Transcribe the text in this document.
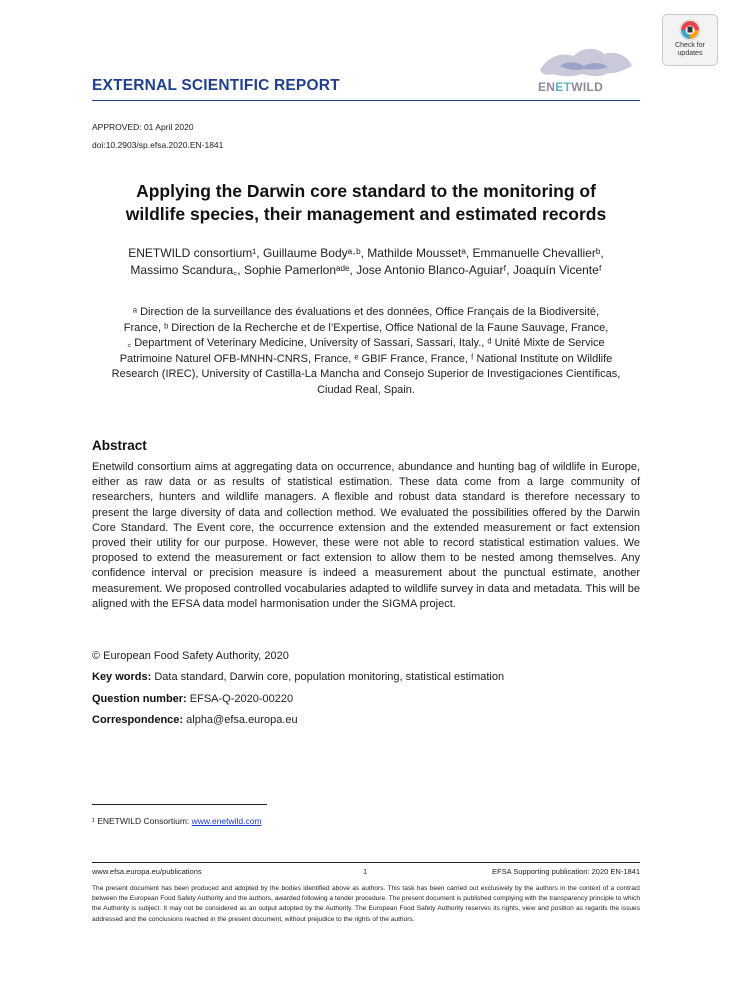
EXTERNAL SCIENTIFIC REPORT	ENETWILD
Check for
updates
APPROVED: 01 April 2020
doi:10.2903/sp.efsa.2020.EN-1841
Applying the Darwin core standard to the monitoring of
wildlife species, their management and estimated records
ENETWILD consortium¹, Guillaume Bodyᵃ·ᵇ, Mathilde Moussetᵃ, Emmanuelle Chevallierᵇ,
Massimo Scandura꜀, Sophie Pamerlonᵃᵈᵉ, Jose Antonio Blanco-Aguiarᶠ, Joaquín Vicenteᶠ
ᵃ Direction de la surveillance des évaluations et des données, Office Français de la Biodiversité,
France, ᵇ Direction de la Recherche et de l’Expertise, Office National de la Faune Sauvage, France,
꜀ Department of Veterinary Medicine, University of Sassari, Sassari, Italy., ᵈ Unité Mixte de Service
Patrimoine Naturel OFB-MNHN-CNRS, France, ᵉ GBIF France, France, ᶠ National Institute on Wildlife
Research (IREC), University of Castilla-La Mancha and Consejo Superior de Investigaciones Científicas,
Ciudad Real, Spain.
Abstract
Enetwild consortium aims at aggregating data on occurrence, abundance and hunting bag of wildlife in Europe, either as raw data or as results of statistical estimation. These data come from a large community of researchers, hunters and wildlife managers. A flexible and robust data standard is therefore necessary to present the large diversity of data and collection method. We evaluated the possibilities offered by the Darwin Core Standard. The Event core, the occurrence extension and the extended measurement or fact extension proved their utility for our purpose. However, these were not able to record statistical estimation values. We proposed to extend the measurement or fact extension to allow them to be nested among themselves. Any confidence interval or precision measure is indeed a measurement about the punctual estimate, another measurement. We proposed controlled vocabularies adapted to wildlife survey in data and metadata. This will be aligned with the EFSA data model harmonisation under the SIGMA project.
© European Food Safety Authority, 2020
Key words: Data standard, Darwin core, population monitoring, statistical estimation
Question number: EFSA-Q-2020-00220
Correspondence: alpha@efsa.europa.eu
¹ ENETWILD Consortium: www.enetwild.com
www.efsa.europa.eu/publications	1	EFSA Supporting publication: 2020 EN-1841
The present document has been produced and adopted by the bodies identified above as authors. This task has been carried out exclusively by the authors in the context of a contract between the European Food Safety Authority and the authors, awarded following a tender procedure. The present document is published complying with the transparency principle to which the Authority is subject. It may not be considered as an output adopted by the Authority. The European Food Safety Authority reserves its rights, view and position as regards the issues addressed and the conclusions reached in the present document, without prejudice to the rights of the authors.
